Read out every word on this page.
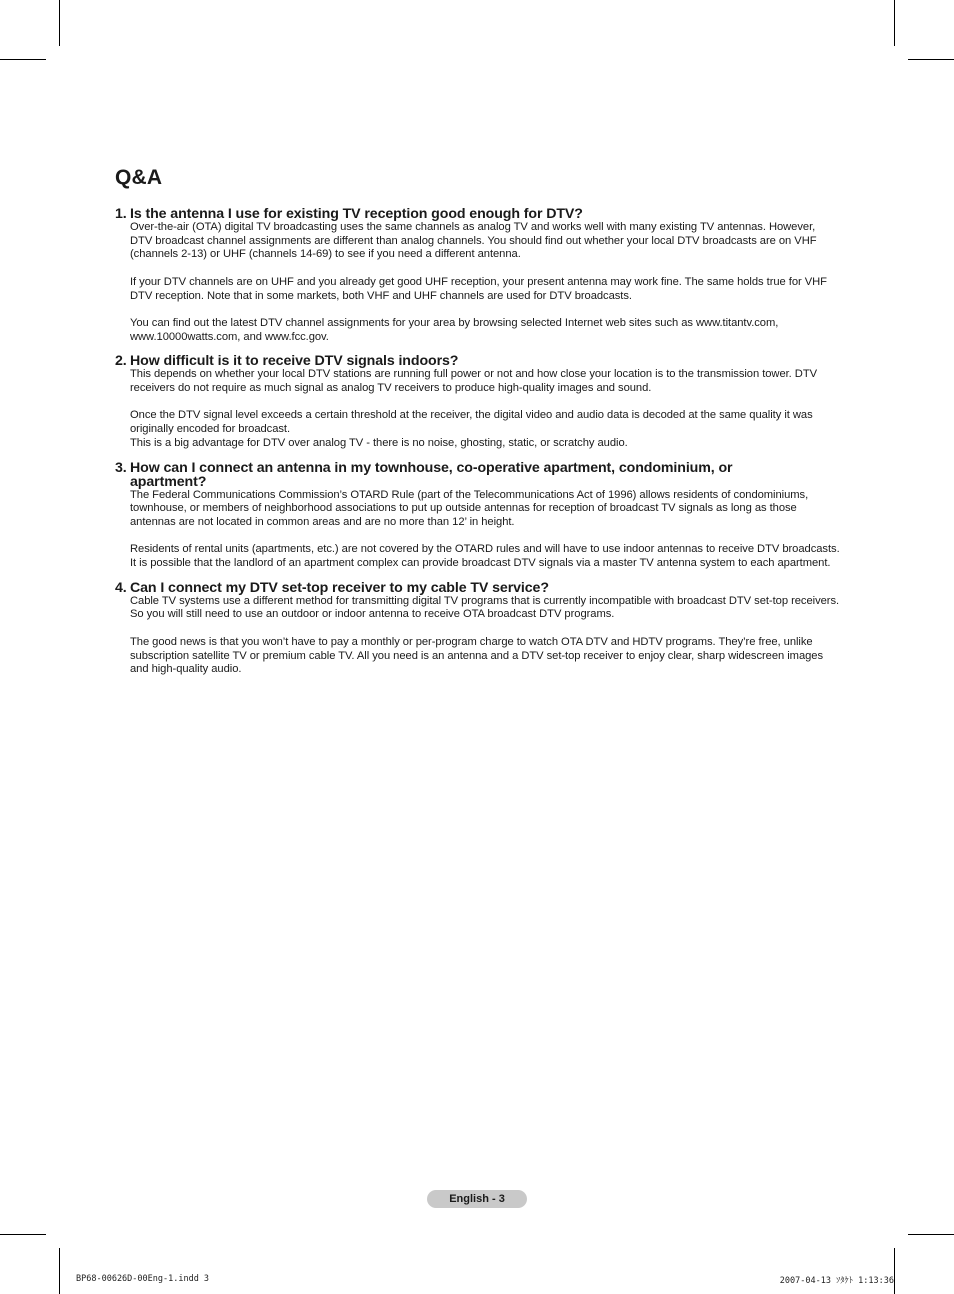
Q&A
1. Is the antenna I use for existing TV reception good enough for DTV?

Over-the-air (OTA) digital TV broadcasting uses the same channels as analog TV and works well with many existing TV antennas. However, DTV broadcast channel assignments are different than analog channels. You should find out whether your local DTV broadcasts are on VHF (channels 2-13) or UHF (channels 14-69) to see if you need a different antenna.

If your DTV channels are on UHF and you already get good UHF reception, your present antenna may work fine. The same holds true for VHF DTV reception. Note that in some markets, both VHF and UHF channels are used for DTV broadcasts.

You can find out the latest DTV channel assignments for your area by browsing selected Internet web sites such as www.titantv.com, www.10000watts.com, and www.fcc.gov.

2. How difficult is it to receive DTV signals indoors?

This depends on whether your local DTV stations are running full power or not and how close your location is to the transmission tower. DTV receivers do not require as much signal as analog TV receivers to produce high-quality images and sound.

Once the DTV signal level exceeds a certain threshold at the receiver, the digital video and audio data is decoded at the same quality it was originally encoded for broadcast.

This is a big advantage for DTV over analog TV - there is no noise, ghosting, static, or scratchy audio.

3. How can I connect an antenna in my townhouse, co-operative apartment, condominium, or apartment?

The Federal Communications Commission’s OTARD Rule (part of the Telecommunications Act of 1996) allows residents of condominiums, townhouse, or members of neighborhood associations to put up outside antennas for reception of broadcast TV signals as long as those antennas are not located in common areas and are no more than 12’ in height.

Residents of rental units (apartments, etc.) are not covered by the OTARD rules and will have to use indoor antennas to receive DTV broadcasts. It is possible that the landlord of an apartment complex can provide broadcast DTV signals via a master TV antenna system to each apartment.

4. Can I connect my DTV set-top receiver to my cable TV service?

Cable TV systems use a different method for transmitting digital TV programs that is currently incompatible with broadcast DTV set-top receivers. So you will still need to use an outdoor or indoor antenna to receive OTA broadcast DTV programs.

The good news is that you won’t have to pay a monthly or per-program charge to watch OTA DTV and HDTV programs. They’re free, unlike subscription satellite TV or premium cable TV. All you need is an antenna and a DTV set-top receiver to enjoy clear, sharp widescreen images and high-quality audio.

English - 3
BP68-00626D-00Eng-1.indd 3	2007-04-13 ｿﾀｹﾄ 1:13:36
